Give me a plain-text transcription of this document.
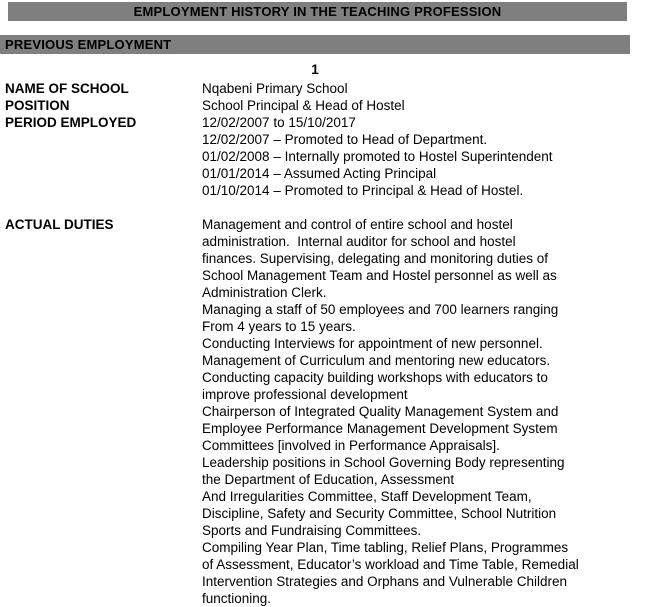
EMPLOYMENT HISTORY IN THE TEACHING PROFESSION
PREVIOUS EMPLOYMENT
1
NAME OF SCHOOL	Nqabeni Primary School
POSITION	School Principal & Head of Hostel
PERIOD EMPLOYED	12/02/2007 to 15/10/2017
12/02/2007 – Promoted to Head of Department.
01/02/2008 – Internally promoted to Hostel Superintendent
01/01/2014 – Assumed Acting Principal
01/10/2014 – Promoted to Principal & Head of Hostel.
ACTUAL DUTIES	Management and control of entire school and hostel
administration.  Internal auditor for school and hostel
finances. Supervising, delegating and monitoring duties of
School Management Team and Hostel personnel as well as
Administration Clerk.
Managing a staff of 50 employees and 700 learners ranging
From 4 years to 15 years.
Conducting Interviews for appointment of new personnel.
Management of Curriculum and mentoring new educators.
Conducting capacity building workshops with educators to
improve professional development
Chairperson of Integrated Quality Management System and
Employee Performance Management Development System
Committees [involved in Performance Appraisals].
Leadership positions in School Governing Body representing
the Department of Education, Assessment
And Irregularities Committee, Staff Development Team,
Discipline, Safety and Security Committee, School Nutrition
Sports and Fundraising Committees.
Compiling Year Plan, Time tabling, Relief Plans, Programmes
of Assessment, Educator’s workload and Time Table, Remedial
Intervention Strategies and Orphans and Vulnerable Children
functioning.
